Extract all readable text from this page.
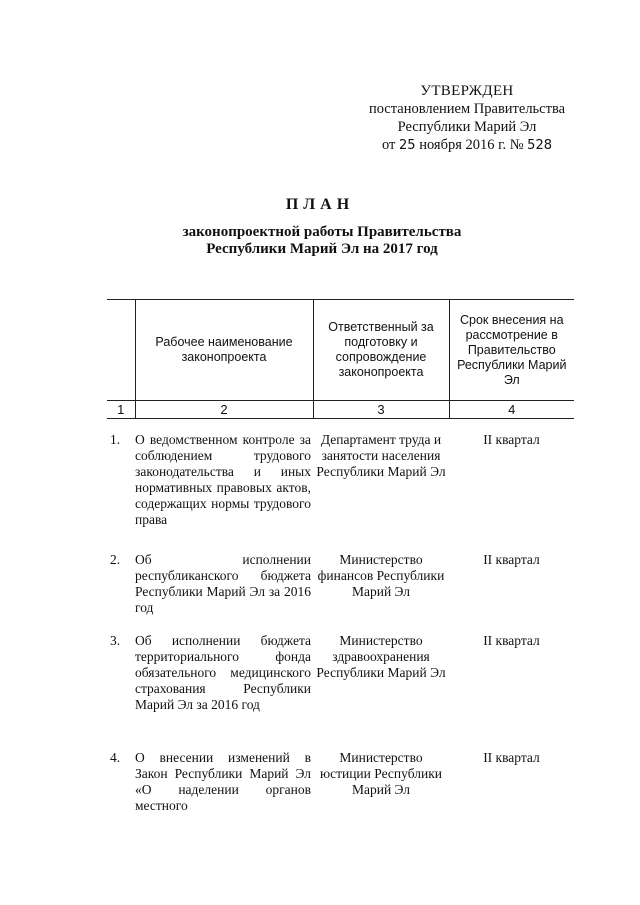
УТВЕРЖДЕН
постановлением Правительства
Республики Марий Эл
от 25 ноября 2016 г. № 528
ПЛАН
законопроектной работы Правительства
Республики Марий Эл на 2017 год
	Рабочее наименование законопроекта	Ответственный за подготовку и сопровождение законопроекта	Срок внесения на рассмотрение в Правительство Республики Марий Эл
1	2	3	4
1.	О ведомственном контроле за соблюдением трудового законодательства и иных нормативных правовых актов, содержащих нормы трудового права	Департамент труда и занятости населения Республики Марий Эл	II квартал
2.	Об исполнении республиканского бюджета Республики Марий Эл за 2016 год	Министерство финансов Республики Марий Эл	II квартал
3.	Об исполнении бюджета территориального фонда обязательного медицинского страхования Республики Марий Эл за 2016 год	Министерство здравоохранения Республики Марий Эл	II квартал
4.	О внесении изменений в Закон Республики Марий Эл «О наделении органов местного	Министерство юстиции Республики Марий Эл	II квартал
